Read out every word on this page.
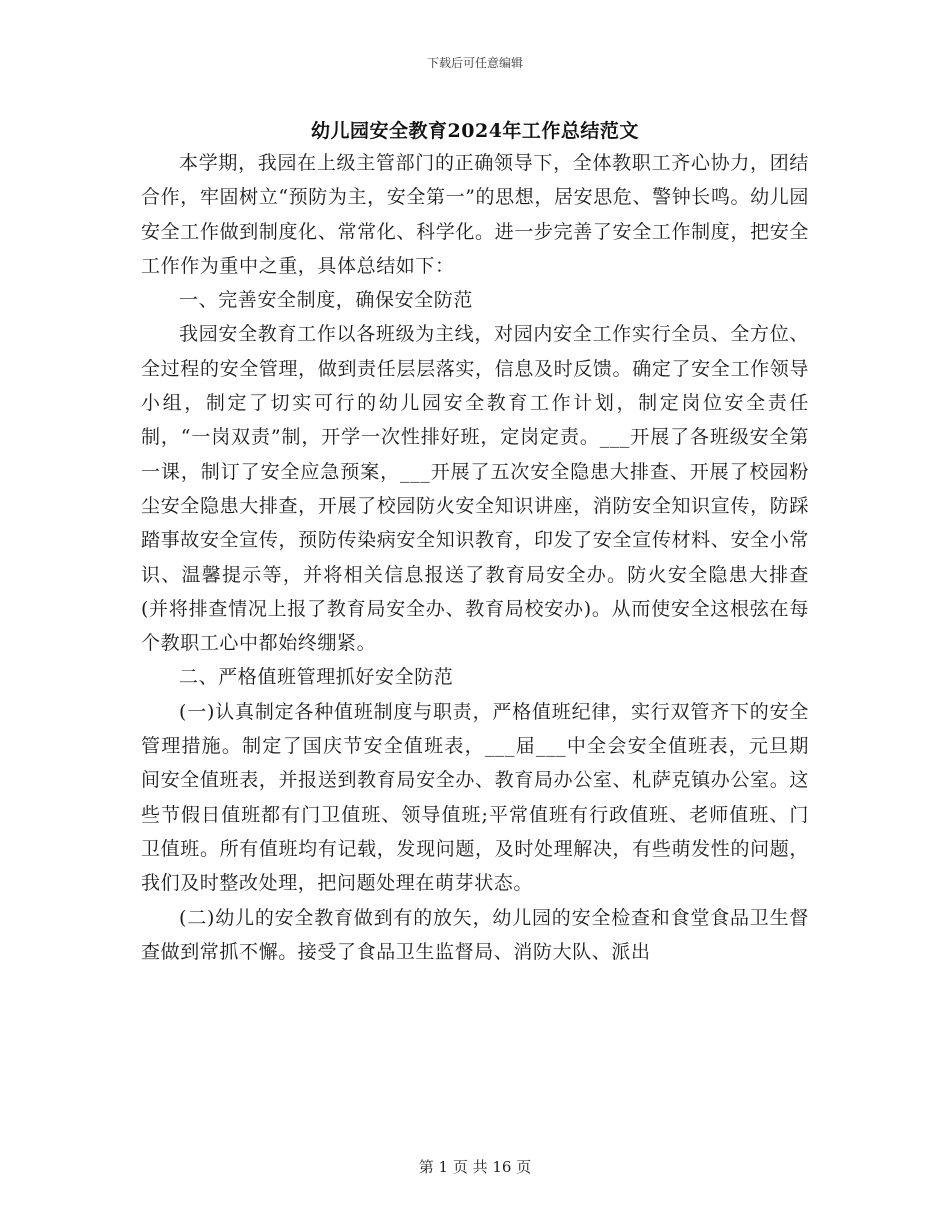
下载后可任意编辑
幼儿园安全教育2024年工作总结范文

本学期，我园在上级主管部门的正确领导下，全体教职工齐心协力，团结合作，牢固树立“预防为主，安全第一”的思想，居安思危、警钟长鸣。幼儿园安全工作做到制度化、常常化、科学化。进一步完善了安全工作制度，把安全工作作为重中之重，具体总结如下：

一、完善安全制度，确保安全防范

我园安全教育工作以各班级为主线，对园内安全工作实行全员、全方位、全过程的安全管理，做到责任层层落实，信息及时反馈。确定了安全工作领导小组，制定了切实可行的幼儿园安全教育工作计划，制定岗位安全责任制，“一岗双责”制，开学一次性排好班，定岗定责。___开展了各班级安全第一课，制订了安全应急预案，___开展了五次安全隐患大排查、开展了校园粉尘安全隐患大排查，开展了校园防火安全知识讲座，消防安全知识宣传，防踩踏事故安全宣传，预防传染病安全知识教育，印发了安全宣传材料、安全小常识、温馨提示等，并将相关信息报送了教育局安全办。防火安全隐患大排查(并将排查情况上报了教育局安全办、教育局校安办)。从而使安全这根弦在每个教职工心中都始终绷紧。

二、严格值班管理抓好安全防范

(一)认真制定各种值班制度与职责，严格值班纪律，实行双管齐下的安全管理措施。制定了国庆节安全值班表，___届___中全会安全值班表，元旦期间安全值班表，并报送到教育局安全办、教育局办公室、札萨克镇办公室。这些节假日值班都有门卫值班、领导值班;平常值班有行政值班、老师值班、门卫值班。所有值班均有记载，发现问题，及时处理解决，有些萌发性的问题，我们及时整改处理，把问题处理在萌芽状态。

(二)幼儿的安全教育做到有的放矢，幼儿园的安全检查和食堂食品卫生督查做到常抓不懈。接受了食品卫生监督局、消防大队、派出

第 1 页 共 16 页
